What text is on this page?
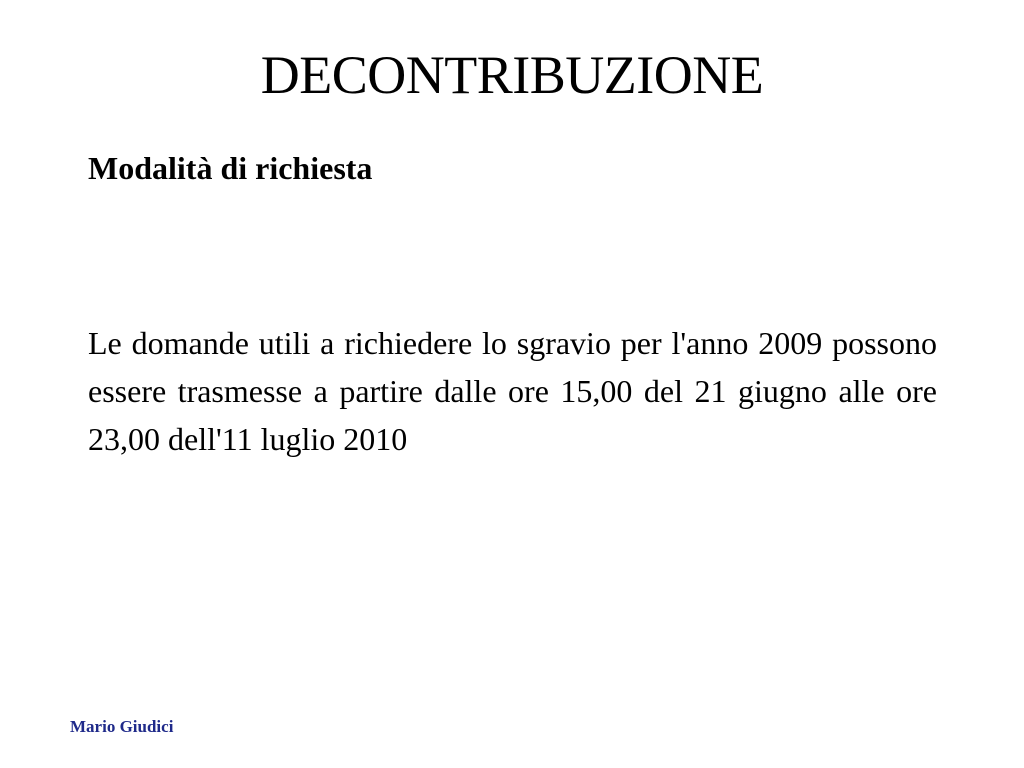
DECONTRIBUZIONE
Modalità di richiesta

Le domande utili a richiedere lo sgravio per l'anno 2009 possono essere trasmesse a partire dalle ore 15,00 del 21 giugno alle ore 23,00 dell'11 luglio 2010

Mario Giudici
